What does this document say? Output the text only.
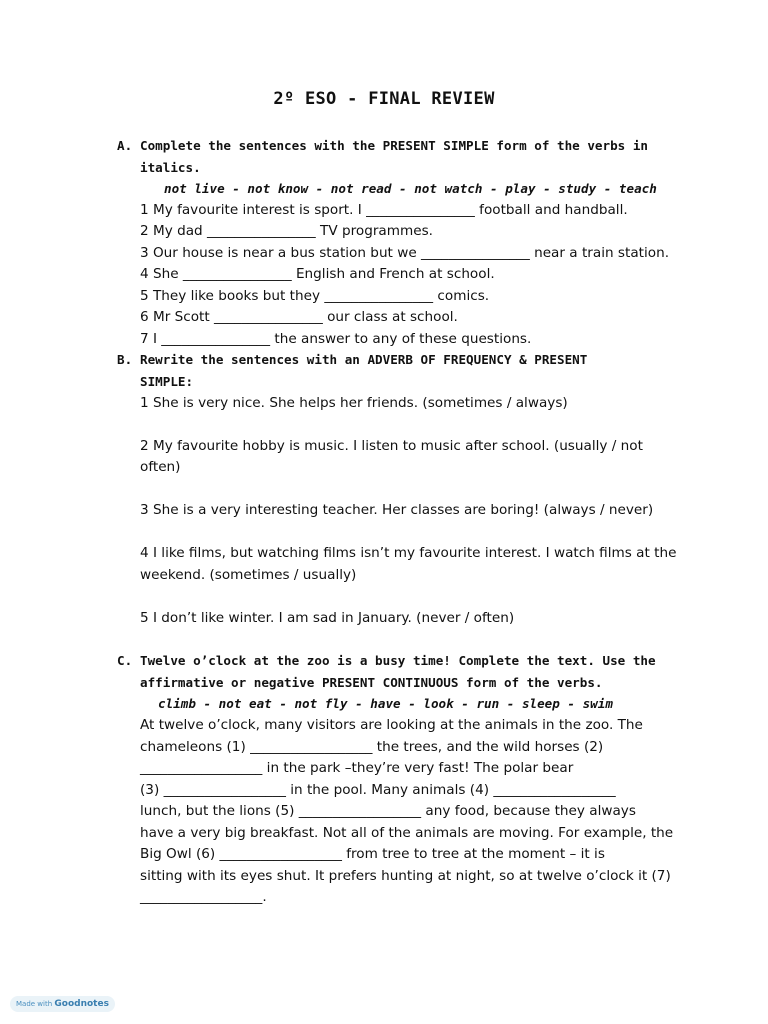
2º ESO - FINAL REVIEW
A. Complete the sentences with the PRESENT SIMPLE form of the verbs in
italics.
not live - not know - not read - not watch - play - study - teach
1 My favourite interest is sport. I ________________ football and handball.
2 My dad ________________ TV programmes.
3 Our house is near a bus station but we ________________ near a train station.
4 She ________________ English and French at school.
5 They like books but they ________________ comics.
6 Mr Scott ________________ our class at school.
7 I ________________ the answer to any of these questions.
B. Rewrite the sentences with an ADVERB OF FREQUENCY & PRESENT
SIMPLE:
1 She is very nice. She helps her friends. (sometimes / always)
2 My favourite hobby is music. I listen to music after school. (usually / not
often)
3 She is a very interesting teacher. Her classes are boring! (always / never)
4 I like films, but watching films isn’t my favourite interest. I watch films at the
weekend. (sometimes / usually)
5 I don’t like winter. I am sad in January. (never / often)
C. Twelve o’clock at the zoo is a busy time! Complete the text. Use the
affirmative or negative PRESENT CONTINUOUS form of the verbs.
climb - not eat - not fly - have - look - run - sleep - swim
At twelve o’clock, many visitors are looking at the animals in the zoo. The
chameleons (1) __________________ the trees, and the wild horses (2)
__________________ in the park –they’re very fast! The polar bear
(3) __________________ in the pool. Many animals (4) __________________
lunch, but the lions (5) __________________ any food, because they always
have a very big breakfast. Not all of the animals are moving. For example, the
Big Owl (6) __________________ from tree to tree at the moment – it is
sitting with its eyes shut. It prefers hunting at night, so at twelve o’clock it (7)
__________________.
Made with Goodnotes
